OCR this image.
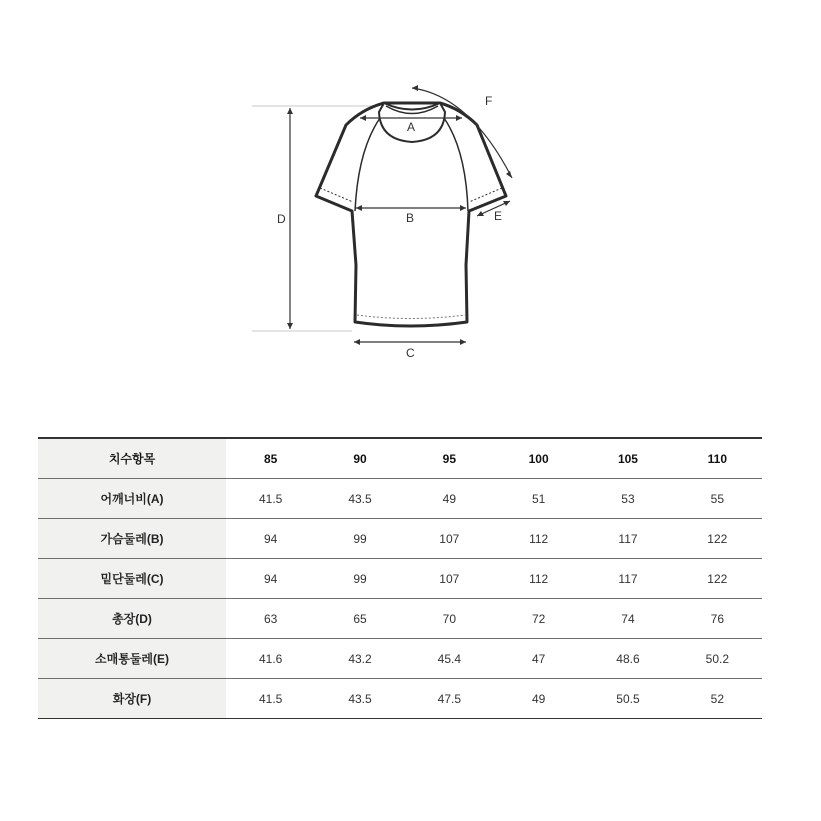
A
B
C
D	E
F
치수항목	85	90	95	100	105	110
어깨너비(A)	41.5	43.5	49	51	53	55
가슴둘레(B)	94	99	107	112	117	122
밑단둘레(C)	94	99	107	112	117	122
총장(D)	63	65	70	72	74	76
소매통둘레(E)	41.6	43.2	45.4	47	48.6	50.2
화장(F)	41.5	43.5	47.5	49	50.5	52
